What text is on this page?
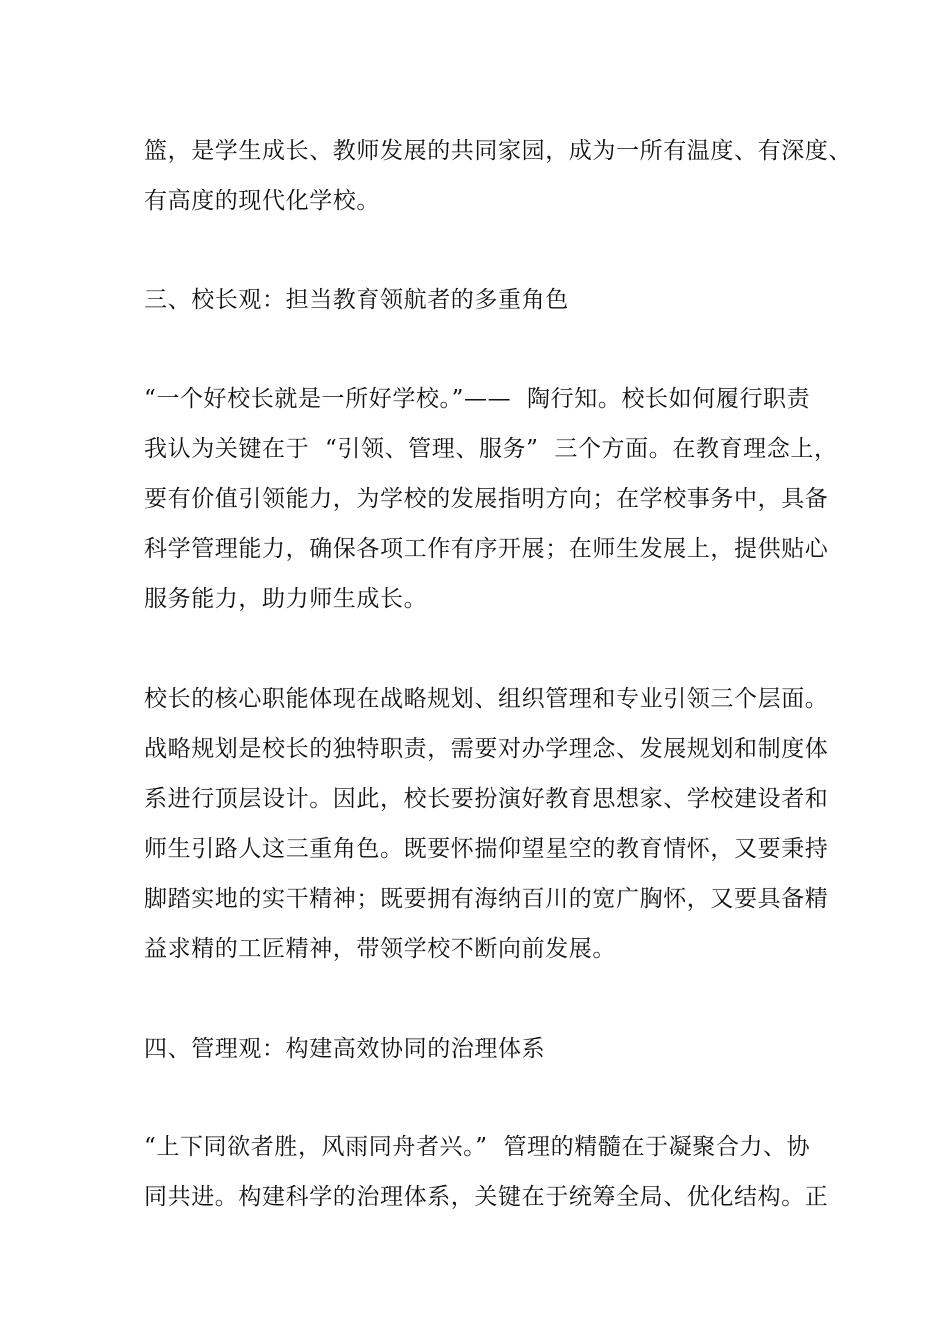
篮，是学生成长、教师发展的共同家园，成为一所有温度、有深度、
有高度的现代化学校。
三、校长观：担当教育领航者的多重角色
“一个好校长就是一所好学校。”——  陶行知。校长如何履行职责
我认为关键在于  “引领、管理、服务”  三个方面。在教育理念上，
要有价值引领能力，为学校的发展指明方向；在学校事务中，具备
科学管理能力，确保各项工作有序开展；在师生发展上，提供贴心
服务能力，助力师生成长。
校长的核心职能体现在战略规划、组织管理和专业引领三个层面。
战略规划是校长的独特职责，需要对办学理念、发展规划和制度体
系进行顶层设计。因此，校长要扮演好教育思想家、学校建设者和
师生引路人这三重角色。既要怀揣仰望星空的教育情怀，又要秉持
脚踏实地的实干精神；既要拥有海纳百川的宽广胸怀，又要具备精
益求精的工匠精神，带领学校不断向前发展。
四、管理观：构建高效协同的治理体系
“上下同欲者胜，风雨同舟者兴。”  管理的精髓在于凝聚合力、协
同共进。构建科学的治理体系，关键在于统筹全局、优化结构。正
